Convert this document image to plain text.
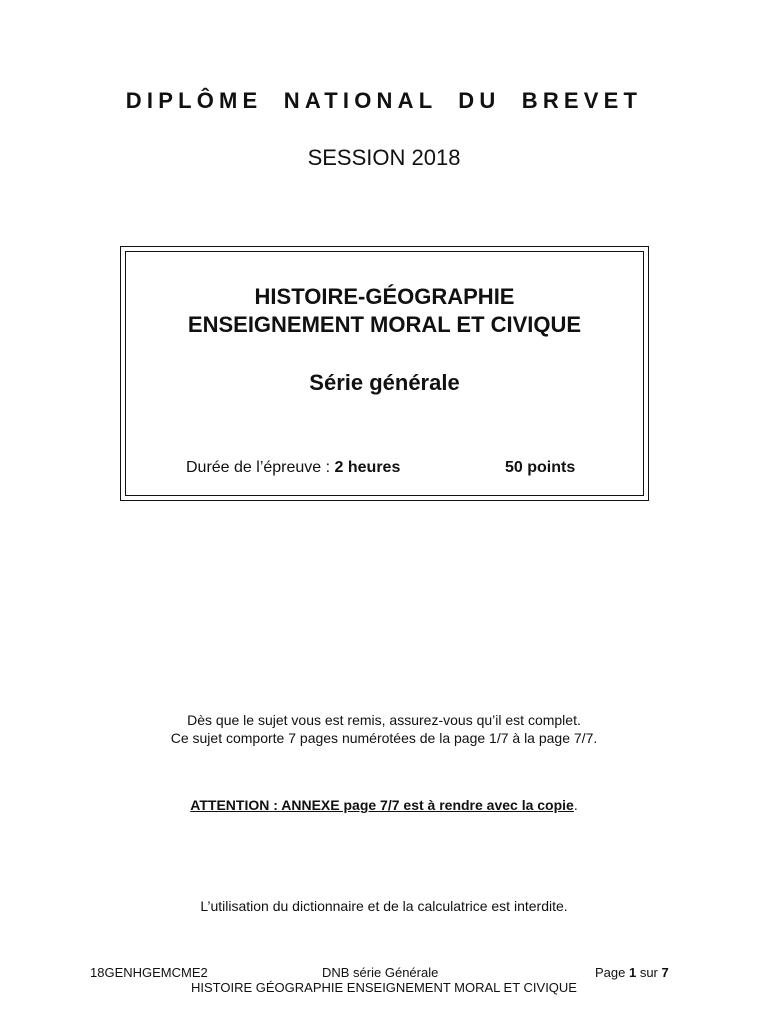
DIPLÔME NATIONAL DU BREVET
SESSION 2018
HISTOIRE-GÉOGRAPHIE
ENSEIGNEMENT MORAL ET CIVIQUE
Série générale
Durée de l’épreuve : 2 heures	50 points
Dès que le sujet vous est remis, assurez-vous qu’il est complet.
Ce sujet comporte 7 pages numérotées de la page 1/7 à la page 7/7.
ATTENTION : ANNEXE page 7/7 est à rendre avec la copie.
L’utilisation du dictionnaire et de la calculatrice est interdite.
18GENHGEMCME2	DNB série Générale	Page 1 sur 7
HISTOIRE GÉOGRAPHIE ENSEIGNEMENT MORAL ET CIVIQUE
